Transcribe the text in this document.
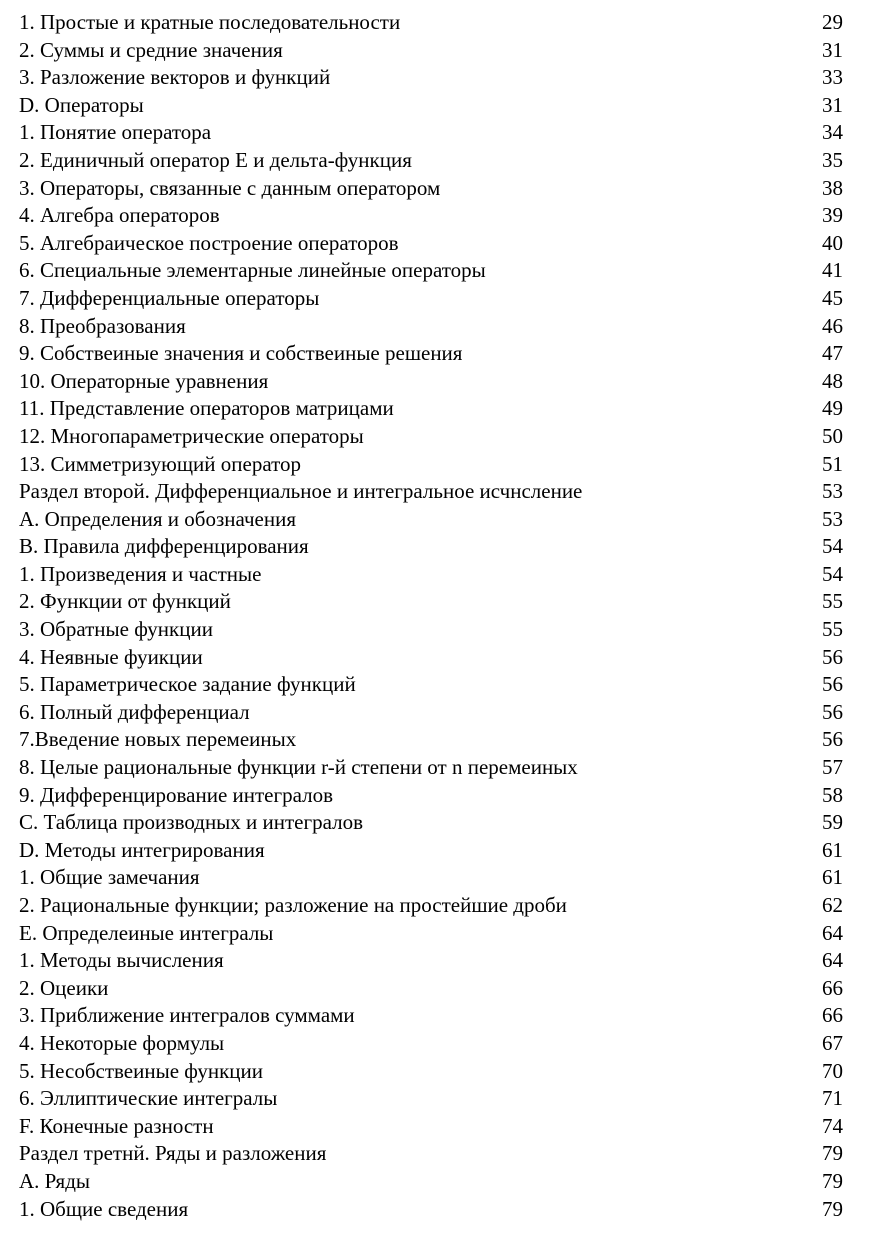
1. Простые и кратные последовательности	29
2. Суммы и средние значения	31
3. Разложение векторов и функций	33
D. Операторы	31
1. Понятие оператора	34
2. Единичный оператор Е и дельта-функция	35
3. Операторы, связанные с данным оператором	38
4. Алгебра операторов	39
5. Алгебраическое построение операторов	40
6. Специальные элементарные линейные операторы	41
7. Дифференциальные операторы	45
8. Преобразования	46
9. Собствеиные значения и собствеиные решения	47
10. Операторные уравнения	48
11. Представление операторов матрицами	49
12. Многопараметрические операторы	50
13. Симметризующий оператор	51
Раздел второй. Дифференциальное и интегральное исчнсление	53
А. Определения и обозначения	53
В. Правила дифференцирования	54
1. Произведения и частные	54
2. Функции от функций	55
3. Обратные функции	55
4. Неявные фуикции	56
5. Параметрическое задание функций	56
6. Полный дифференциал	56
7.Введение новых перемеиных	56
8. Целые рациональные функции r-й степени от n перемеиных	57
9. Дифференцирование интегралов	58
С. Таблица производных и интегралов	59
D. Методы интегрирования	61
1. Общие замечания	61
2. Рациональные функции; разложение на простейшие дроби	62
Е. Определеиные интегралы	64
1. Методы вычисления	64
2. Оцеики	66
3. Приближение интегралов суммами	66
4. Некоторые формулы	67
5. Несобствеиные функции	70
6. Эллиптические интегралы	71
F. Конечные разностн	74
Раздел третнй. Ряды и разложения	79
А. Ряды	79
1. Общие сведения	79
